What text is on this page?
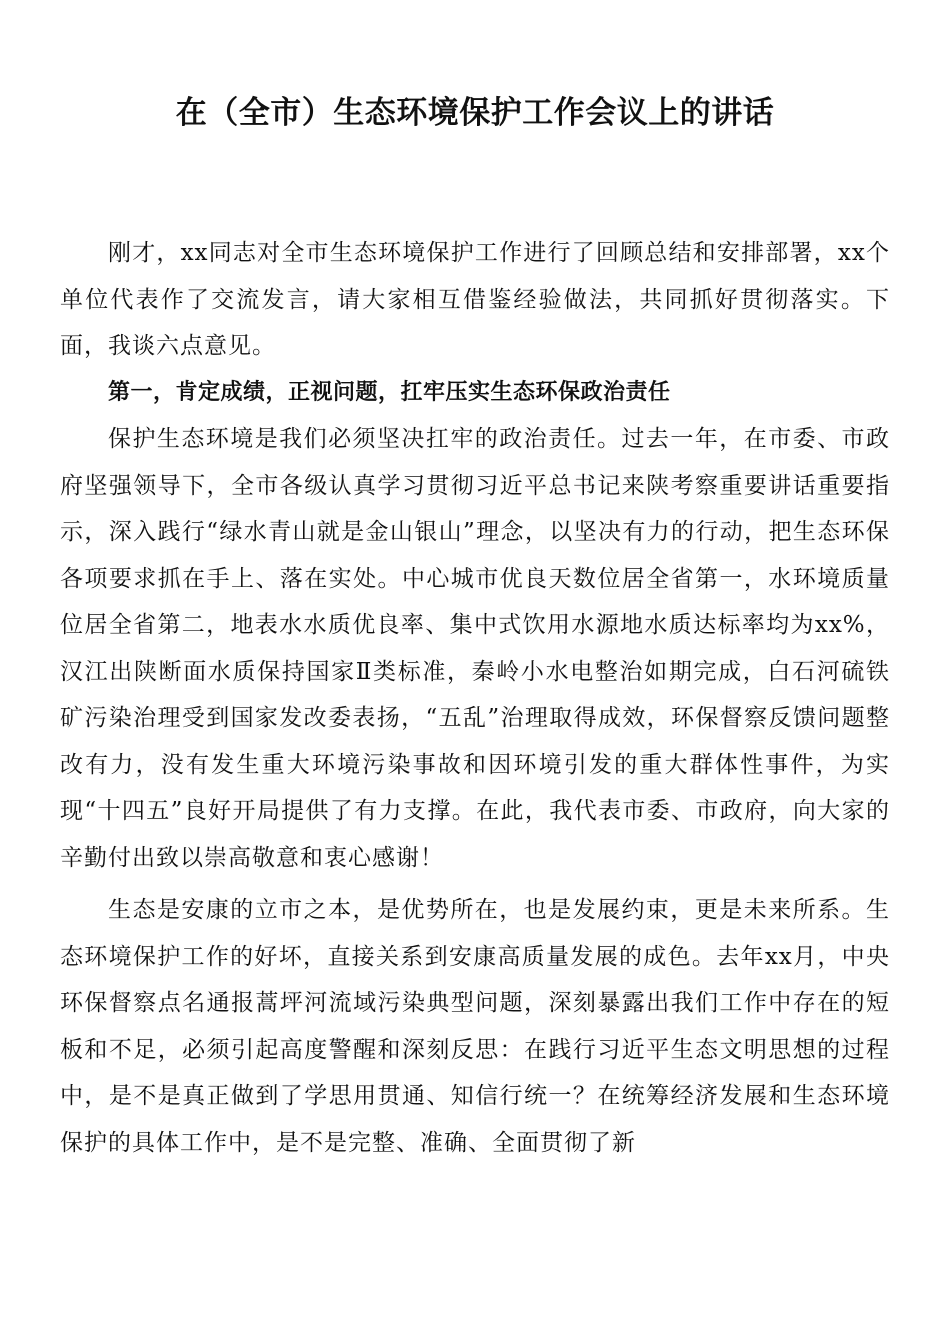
在（全市）生态环境保护工作会议上的讲话

刚才，xx同志对全市生态环境保护工作进行了回顾总结和安排部署，xx个单位代表作了交流发言，请大家相互借鉴经验做法，共同抓好贯彻落实。下面，我谈六点意见。

第一，肯定成绩，正视问题，扛牢压实生态环保政治责任

保护生态环境是我们必须坚决扛牢的政治责任。过去一年，在市委、市政府坚强领导下，全市各级认真学习贯彻习近平总书记来陕考察重要讲话重要指示，深入践行“绿水青山就是金山银山”理念，以坚决有力的行动，把生态环保各项要求抓在手上、落在实处。中心城市优良天数位居全省第一，水环境质量位居全省第二，地表水水质优良率、集中式饮用水源地水质达标率均为xx%，汉江出陕断面水质保持国家Ⅱ类标准，秦岭小水电整治如期完成，白石河硫铁矿污染治理受到国家发改委表扬，“五乱”治理取得成效，环保督察反馈问题整改有力，没有发生重大环境污染事故和因环境引发的重大群体性事件，为实现“十四五”良好开局提供了有力支撑。在此，我代表市委、市政府，向大家的辛勤付出致以崇高敬意和衷心感谢！

生态是安康的立市之本，是优势所在，也是发展约束，更是未来所系。生态环境保护工作的好坏，直接关系到安康高质量发展的成色。去年xx月，中央环保督察点名通报蒿坪河流域污染典型问题，深刻暴露出我们工作中存在的短板和不足，必须引起高度警醒和深刻反思：在践行习近平生态文明思想的过程中，是不是真正做到了学思用贯通、知信行统一？在统筹经济发展和生态环境保护的具体工作中，是不是完整、准确、全面贯彻了新
